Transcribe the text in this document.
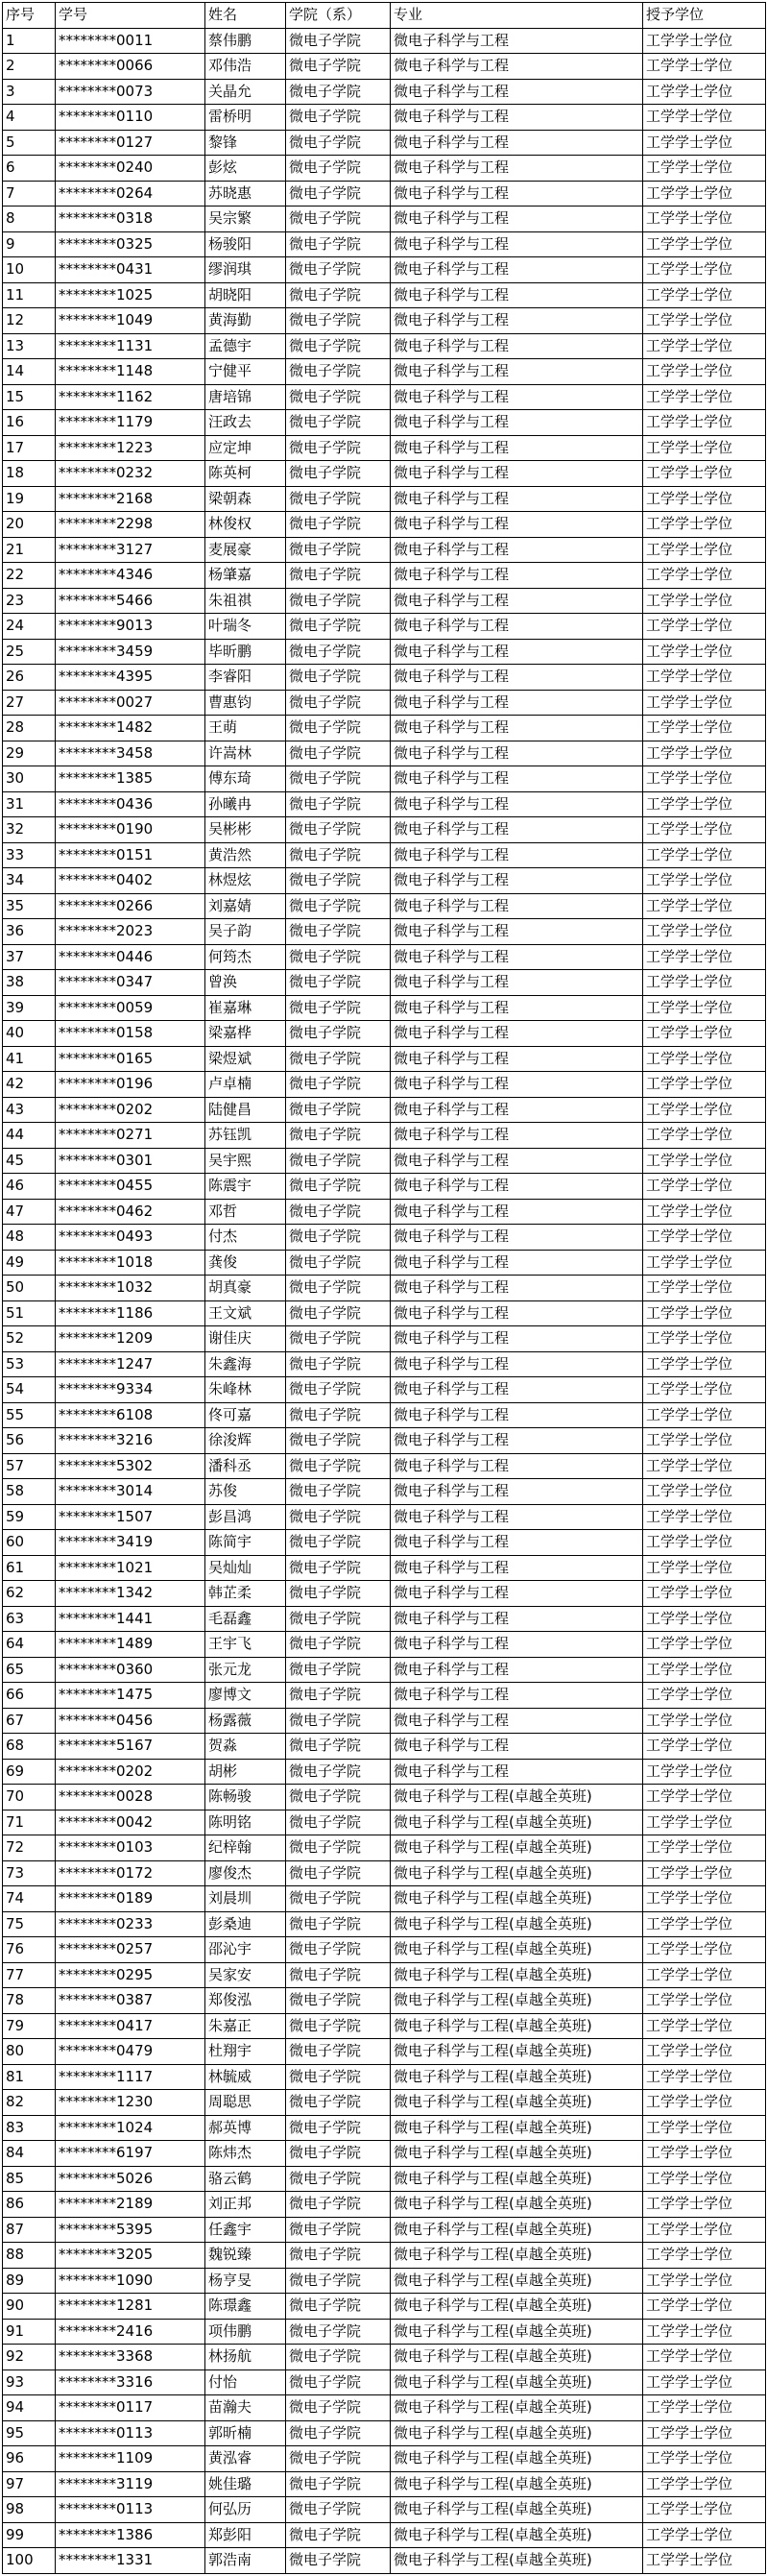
序号	学号	姓名	学院（系）	专业	授予学位
1	********0011	蔡伟鹏	微电子学院	微电子科学与工程	工学学士学位
2	********0066	邓伟浩	微电子学院	微电子科学与工程	工学学士学位
3	********0073	关晶允	微电子学院	微电子科学与工程	工学学士学位
4	********0110	雷桥明	微电子学院	微电子科学与工程	工学学士学位
5	********0127	黎锋	微电子学院	微电子科学与工程	工学学士学位
6	********0240	彭炫	微电子学院	微电子科学与工程	工学学士学位
7	********0264	苏晓惠	微电子学院	微电子科学与工程	工学学士学位
8	********0318	吴宗繁	微电子学院	微电子科学与工程	工学学士学位
9	********0325	杨骏阳	微电子学院	微电子科学与工程	工学学士学位
10	********0431	缪润琪	微电子学院	微电子科学与工程	工学学士学位
11	********1025	胡晓阳	微电子学院	微电子科学与工程	工学学士学位
12	********1049	黄海勤	微电子学院	微电子科学与工程	工学学士学位
13	********1131	孟德宇	微电子学院	微电子科学与工程	工学学士学位
14	********1148	宁健平	微电子学院	微电子科学与工程	工学学士学位
15	********1162	唐培锦	微电子学院	微电子科学与工程	工学学士学位
16	********1179	汪政去	微电子学院	微电子科学与工程	工学学士学位
17	********1223	应定坤	微电子学院	微电子科学与工程	工学学士学位
18	********0232	陈英柯	微电子学院	微电子科学与工程	工学学士学位
19	********2168	梁朝森	微电子学院	微电子科学与工程	工学学士学位
20	********2298	林俊权	微电子学院	微电子科学与工程	工学学士学位
21	********3127	麦展豪	微电子学院	微电子科学与工程	工学学士学位
22	********4346	杨肇嘉	微电子学院	微电子科学与工程	工学学士学位
23	********5466	朱祖祺	微电子学院	微电子科学与工程	工学学士学位
24	********9013	叶瑞冬	微电子学院	微电子科学与工程	工学学士学位
25	********3459	毕昕鹏	微电子学院	微电子科学与工程	工学学士学位
26	********4395	李睿阳	微电子学院	微电子科学与工程	工学学士学位
27	********0027	曹惠钧	微电子学院	微电子科学与工程	工学学士学位
28	********1482	王萌	微电子学院	微电子科学与工程	工学学士学位
29	********3458	许嵩林	微电子学院	微电子科学与工程	工学学士学位
30	********1385	傅东琦	微电子学院	微电子科学与工程	工学学士学位
31	********0436	孙曦冉	微电子学院	微电子科学与工程	工学学士学位
32	********0190	吴彬彬	微电子学院	微电子科学与工程	工学学士学位
33	********0151	黄浩然	微电子学院	微电子科学与工程	工学学士学位
34	********0402	林煜炫	微电子学院	微电子科学与工程	工学学士学位
35	********0266	刘嘉婧	微电子学院	微电子科学与工程	工学学士学位
36	********2023	吴子韵	微电子学院	微电子科学与工程	工学学士学位
37	********0446	何筠杰	微电子学院	微电子科学与工程	工学学士学位
38	********0347	曾涣	微电子学院	微电子科学与工程	工学学士学位
39	********0059	崔嘉琳	微电子学院	微电子科学与工程	工学学士学位
40	********0158	梁嘉桦	微电子学院	微电子科学与工程	工学学士学位
41	********0165	梁煜斌	微电子学院	微电子科学与工程	工学学士学位
42	********0196	卢卓楠	微电子学院	微电子科学与工程	工学学士学位
43	********0202	陆健昌	微电子学院	微电子科学与工程	工学学士学位
44	********0271	苏钰凯	微电子学院	微电子科学与工程	工学学士学位
45	********0301	吴宇熙	微电子学院	微电子科学与工程	工学学士学位
46	********0455	陈震宇	微电子学院	微电子科学与工程	工学学士学位
47	********0462	邓哲	微电子学院	微电子科学与工程	工学学士学位
48	********0493	付杰	微电子学院	微电子科学与工程	工学学士学位
49	********1018	龚俊	微电子学院	微电子科学与工程	工学学士学位
50	********1032	胡真豪	微电子学院	微电子科学与工程	工学学士学位
51	********1186	王文斌	微电子学院	微电子科学与工程	工学学士学位
52	********1209	谢佳庆	微电子学院	微电子科学与工程	工学学士学位
53	********1247	朱鑫海	微电子学院	微电子科学与工程	工学学士学位
54	********9334	朱峰林	微电子学院	微电子科学与工程	工学学士学位
55	********6108	佟可嘉	微电子学院	微电子科学与工程	工学学士学位
56	********3216	徐浚辉	微电子学院	微电子科学与工程	工学学士学位
57	********5302	潘科丞	微电子学院	微电子科学与工程	工学学士学位
58	********3014	苏俊	微电子学院	微电子科学与工程	工学学士学位
59	********1507	彭昌鸿	微电子学院	微电子科学与工程	工学学士学位
60	********3419	陈简宇	微电子学院	微电子科学与工程	工学学士学位
61	********1021	吴灿灿	微电子学院	微电子科学与工程	工学学士学位
62	********1342	韩芷柔	微电子学院	微电子科学与工程	工学学士学位
63	********1441	毛磊鑫	微电子学院	微电子科学与工程	工学学士学位
64	********1489	王宇飞	微电子学院	微电子科学与工程	工学学士学位
65	********0360	张元龙	微电子学院	微电子科学与工程	工学学士学位
66	********1475	廖博文	微电子学院	微电子科学与工程	工学学士学位
67	********0456	杨露薇	微电子学院	微电子科学与工程	工学学士学位
68	********5167	贺淼	微电子学院	微电子科学与工程	工学学士学位
69	********0202	胡彬	微电子学院	微电子科学与工程	工学学士学位
70	********0028	陈畅骏	微电子学院	微电子科学与工程(卓越全英班)	工学学士学位
71	********0042	陈明铭	微电子学院	微电子科学与工程(卓越全英班)	工学学士学位
72	********0103	纪梓翰	微电子学院	微电子科学与工程(卓越全英班)	工学学士学位
73	********0172	廖俊杰	微电子学院	微电子科学与工程(卓越全英班)	工学学士学位
74	********0189	刘晨圳	微电子学院	微电子科学与工程(卓越全英班)	工学学士学位
75	********0233	彭桑迪	微电子学院	微电子科学与工程(卓越全英班)	工学学士学位
76	********0257	邵沁宇	微电子学院	微电子科学与工程(卓越全英班)	工学学士学位
77	********0295	吴家安	微电子学院	微电子科学与工程(卓越全英班)	工学学士学位
78	********0387	郑俊泓	微电子学院	微电子科学与工程(卓越全英班)	工学学士学位
79	********0417	朱嘉正	微电子学院	微电子科学与工程(卓越全英班)	工学学士学位
80	********0479	杜翔宇	微电子学院	微电子科学与工程(卓越全英班)	工学学士学位
81	********1117	林毓威	微电子学院	微电子科学与工程(卓越全英班)	工学学士学位
82	********1230	周聪思	微电子学院	微电子科学与工程(卓越全英班)	工学学士学位
83	********1024	郝英博	微电子学院	微电子科学与工程(卓越全英班)	工学学士学位
84	********6197	陈炜杰	微电子学院	微电子科学与工程(卓越全英班)	工学学士学位
85	********5026	骆云鹤	微电子学院	微电子科学与工程(卓越全英班)	工学学士学位
86	********2189	刘正邦	微电子学院	微电子科学与工程(卓越全英班)	工学学士学位
87	********5395	任鑫宇	微电子学院	微电子科学与工程(卓越全英班)	工学学士学位
88	********3205	魏锐臻	微电子学院	微电子科学与工程(卓越全英班)	工学学士学位
89	********1090	杨亨旻	微电子学院	微电子科学与工程(卓越全英班)	工学学士学位
90	********1281	陈璟鑫	微电子学院	微电子科学与工程(卓越全英班)	工学学士学位
91	********2416	项伟鹏	微电子学院	微电子科学与工程(卓越全英班)	工学学士学位
92	********3368	林扬航	微电子学院	微电子科学与工程(卓越全英班)	工学学士学位
93	********3316	付怡	微电子学院	微电子科学与工程(卓越全英班)	工学学士学位
94	********0117	苗瀚夫	微电子学院	微电子科学与工程(卓越全英班)	工学学士学位
95	********0113	郭昕楠	微电子学院	微电子科学与工程(卓越全英班)	工学学士学位
96	********1109	黄泓睿	微电子学院	微电子科学与工程(卓越全英班)	工学学士学位
97	********3119	姚佳璐	微电子学院	微电子科学与工程(卓越全英班)	工学学士学位
98	********0113	何弘历	微电子学院	微电子科学与工程(卓越全英班)	工学学士学位
99	********1386	郑彭阳	微电子学院	微电子科学与工程(卓越全英班)	工学学士学位
100	********1331	郭浩南	微电子学院	微电子科学与工程(卓越全英班)	工学学士学位
